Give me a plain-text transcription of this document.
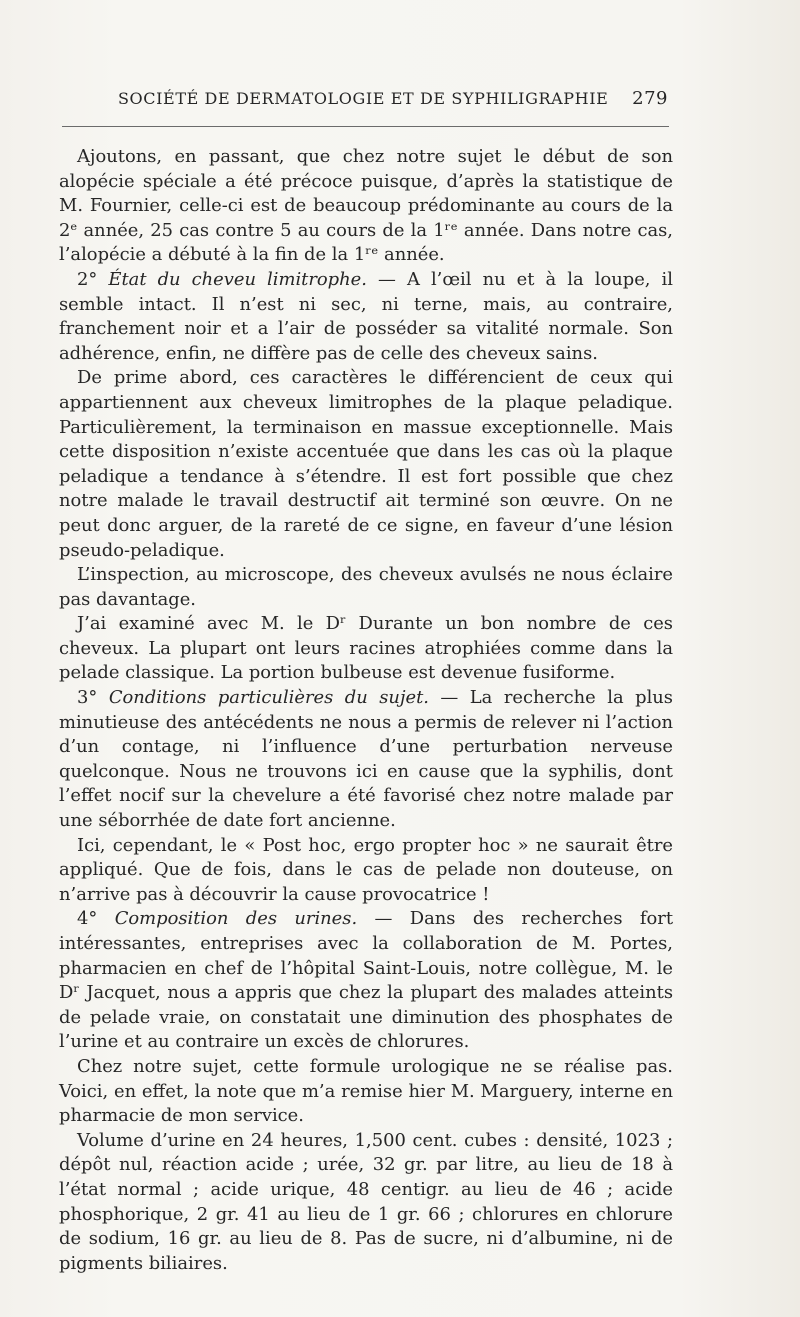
SOCIÉTÉ DE DERMATOLOGIE ET DE SYPHILIGRAPHIE 279

Ajoutons, en passant, que chez notre sujet le début de son alopécie spéciale a été précoce puisque, d’après la statistique de M. Fournier, celle-ci est de beaucoup prédominante au cours de la 2ᵉ année, 25 cas contre 5 au cours de la 1ʳᵉ année. Dans notre cas, l’alopécie a débuté à la fin de la 1ʳᵉ année.

2° État du cheveu limitrophe. — A l’œil nu et à la loupe, il semble intact. Il n’est ni sec, ni terne, mais, au contraire, franchement noir et a l’air de posséder sa vitalité normale. Son adhérence, enfin, ne diffère pas de celle des cheveux sains.

De prime abord, ces caractères le différencient de ceux qui appartiennent aux cheveux limitrophes de la plaque peladique. Particulièrement, la terminaison en massue exceptionnelle. Mais cette disposition n’existe accentuée que dans les cas où la plaque peladique a tendance à s’étendre. Il est fort possible que chez notre malade le travail destructif ait terminé son œuvre. On ne peut donc arguer, de la rareté de ce signe, en faveur d’une lésion pseudo-peladique.

L’inspection, au microscope, des cheveux avulsés ne nous éclaire pas davantage.

J’ai examiné avec M. le Dʳ Durante un bon nombre de ces cheveux. La plupart ont leurs racines atrophiées comme dans la pelade classique. La portion bulbeuse est devenue fusiforme.

3° Conditions particulières du sujet. — La recherche la plus minutieuse des antécédents ne nous a permis de relever ni l’action d’un contage, ni l’influence d’une perturbation nerveuse quelconque. Nous ne trouvons ici en cause que la syphilis, dont l’effet nocif sur la chevelure a été favorisé chez notre malade par une séborrhée de date fort ancienne.

Ici, cependant, le « Post hoc, ergo propter hoc » ne saurait être appliqué. Que de fois, dans le cas de pelade non douteuse, on n’arrive pas à découvrir la cause provocatrice !

4° Composition des urines. — Dans des recherches fort intéressantes, entreprises avec la collaboration de M. Portes, pharmacien en chef de l’hôpital Saint-Louis, notre collègue, M. le Dʳ Jacquet, nous a appris que chez la plupart des malades atteints de pelade vraie, on constatait une diminution des phosphates de l’urine et au contraire un excès de chlorures.

Chez notre sujet, cette formule urologique ne se réalise pas. Voici, en effet, la note que m’a remise hier M. Marguery, interne en pharmacie de mon service.

Volume d’urine en 24 heures, 1,500 cent. cubes : densité, 1023 ; dépôt nul, réaction acide ; urée, 32 gr. par litre, au lieu de 18 à l’état normal ; acide urique, 48 centigr. au lieu de 46 ; acide phosphorique, 2 gr. 41 au lieu de 1 gr. 66 ; chlorures en chlorure de sodium, 16 gr. au lieu de 8. Pas de sucre, ni d’albumine, ni de pigments biliaires.
